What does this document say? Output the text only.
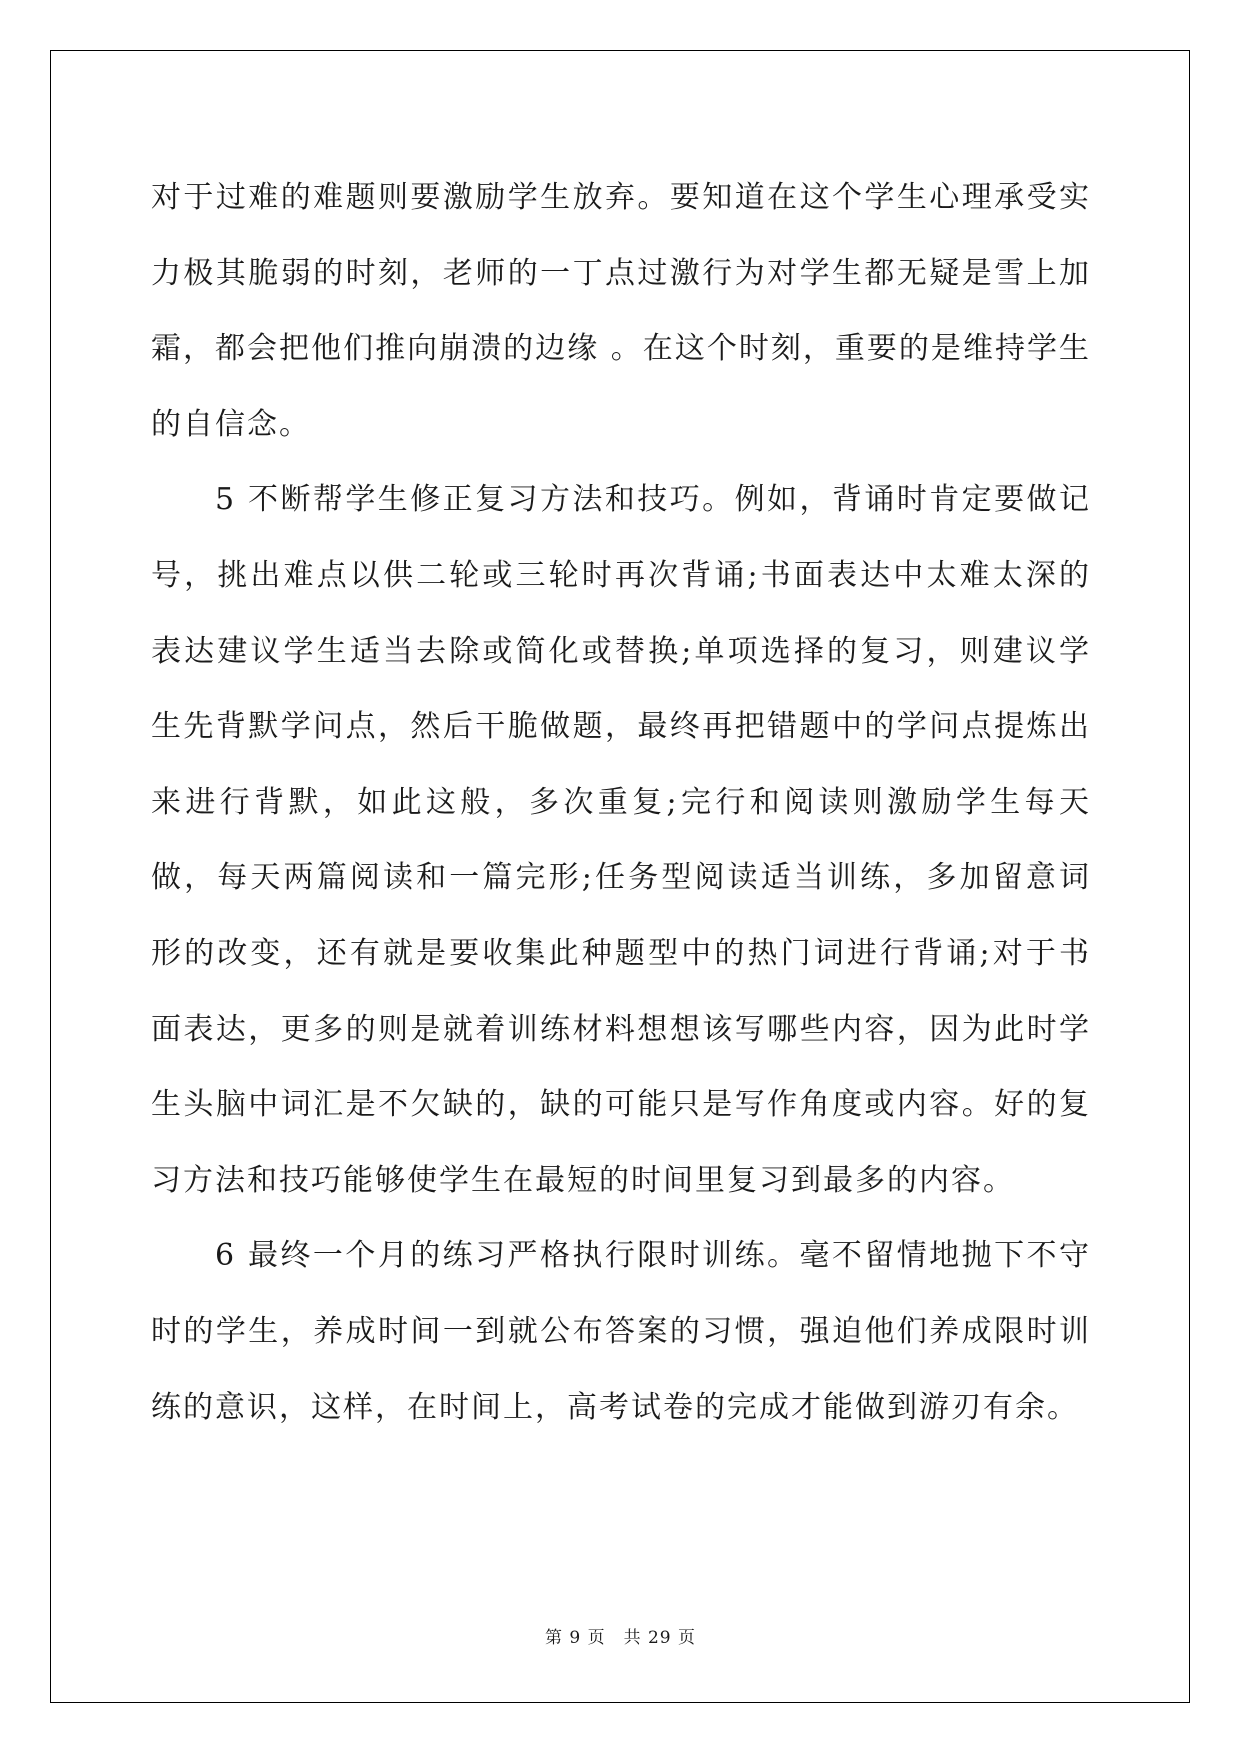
对于过难的难题则要激励学生放弃。要知道在这个学生心理承受实力极其脆弱的时刻，老师的一丁点过激行为对学生都无疑是雪上加霜，都会把他们推向崩溃的边缘 。在这个时刻，重要的是维持学生的自信念。

5 不断帮学生修正复习方法和技巧。例如，背诵时肯定要做记号，挑出难点以供二轮或三轮时再次背诵;书面表达中太难太深的表达建议学生适当去除或简化或替换;单项选择的复习，则建议学生先背默学问点，然后干脆做题，最终再把错题中的学问点提炼出来进行背默，如此这般，多次重复;完行和阅读则激励学生每天做，每天两篇阅读和一篇完形;任务型阅读适当训练，多加留意词形的改变，还有就是要收集此种题型中的热门词进行背诵;对于书面表达，更多的则是就着训练材料想想该写哪些内容，因为此时学生头脑中词汇是不欠缺的，缺的可能只是写作角度或内容。好的复习方法和技巧能够使学生在最短的时间里复习到最多的内容。

6 最终一个月的练习严格执行限时训练。毫不留情地抛下不守时的学生，养成时间一到就公布答案的习惯，强迫他们养成限时训练的意识，这样，在时间上，高考试卷的完成才能做到游刃有余。

第 9 页 共 29 页
